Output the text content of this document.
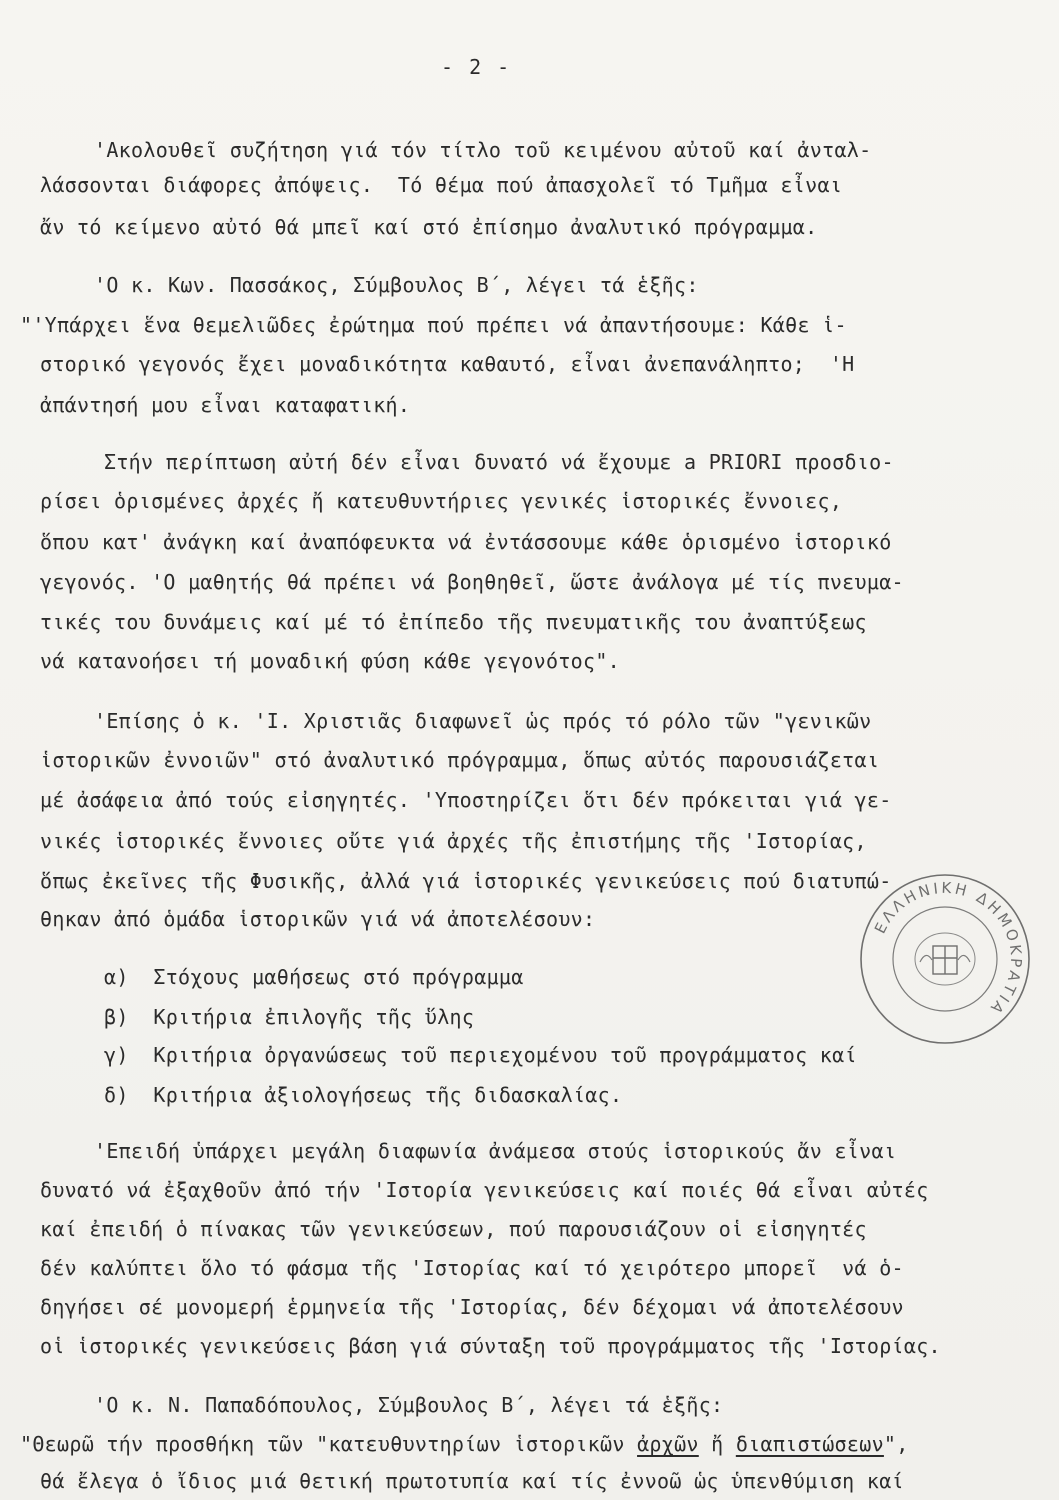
- 2 -
'Ακολουθεῖ συζήτηση γιά τόν τίτλο τοῦ κειμένου αὐτοῦ καί ἀνταλ-
λάσσονται διάφορες ἀπόψεις.  Τό θέμα πού ἀπασχολεῖ τό Τμῆμα εἶναι
ἄν τό κείμενο αὐτό θά μπεῖ καί στό ἐπίσημο ἀναλυτικό πρόγραμμα.
'Ο κ. Κων. Πασσάκος, Σύμβουλος Β΄, λέγει τά ἑξῆς:
"'Υπάρχει ἕνα θεμελιῶδες ἐρώτημα πού πρέπει νά ἀπαντήσουμε: Κάθε ἱ-
στορικό γεγονός ἔχει μοναδικότητα καθαυτό, εἶναι ἀνεπανάληπτο;  'Η
ἀπάντησή μου εἶναι καταφατική.
Στήν περίπτωση αὐτή δέν εἶναι δυνατό νά ἔχουμε a PRIORI προσδιο-
ρίσει ὁρισμένες ἀρχές ἤ κατευθυντήριες γενικές ἱστορικές ἔννοιες,
ὅπου κατ' ἀνάγκη καί ἀναπόφευκτα νά ἐντάσσουμε κάθε ὁρισμένο ἱστορικό
γεγονός. 'Ο μαθητής θά πρέπει νά βοηθηθεῖ, ὥστε ἀνάλογα μέ τίς πνευμα-
τικές του δυνάμεις καί μέ τό ἐπίπεδο τῆς πνευματικῆς του ἀναπτύξεως
νά κατανοήσει τή μοναδική φύση κάθε γεγονότος".
'Επίσης ὁ κ. 'Ι. Χριστιᾶς διαφωνεῖ ὡς πρός τό ρόλο τῶν "γενικῶν
ἱστορικῶν ἐννοιῶν" στό ἀναλυτικό πρόγραμμα, ὅπως αὐτός παρουσιάζεται
μέ ἀσάφεια ἀπό τούς εἰσηγητές. 'Υποστηρίζει ὅτι δέν πρόκειται γιά γε-
νικές ἱστορικές ἔννοιες οὔτε γιά ἀρχές τῆς ἐπιστήμης τῆς 'Ιστορίας,
ὅπως ἐκεῖνες τῆς Φυσικῆς, ἀλλά γιά ἱστορικές γενικεύσεις πού διατυπώ-
θηκαν ἀπό ὁμάδα ἱστορικῶν γιά νά ἀποτελέσουν:
α)  Στόχους μαθήσεως στό πρόγραμμα
β)  Κριτήρια ἐπιλογῆς τῆς ὕλης
γ)  Κριτήρια ὀργανώσεως τοῦ περιεχομένου τοῦ προγράμματος καί
δ)  Κριτήρια ἀξιολογήσεως τῆς διδασκαλίας.
'Επειδή ὑπάρχει μεγάλη διαφωνία ἀνάμεσα στούς ἱστορικούς ἄν εἶναι
δυνατό νά ἐξαχθοῦν ἀπό τήν 'Ιστορία γενικεύσεις καί ποιές θά εἶναι αὐτές
καί ἐπειδή ὁ πίνακας τῶν γενικεύσεων, πού παρουσιάζουν οἱ εἰσηγητές
δέν καλύπτει ὅλο τό φάσμα τῆς 'Ιστορίας καί τό χειρότερο μπορεῖ  νά ὁ-
δηγήσει σέ μονομερή ἑρμηνεία τῆς 'Ιστορίας, δέν δέχομαι νά ἀποτελέσουν
οἱ ἱστορικές γενικεύσεις βάση γιά σύνταξη τοῦ προγράμματος τῆς 'Ιστορίας.
'Ο κ. Ν. Παπαδόπουλος, Σύμβουλος Β΄, λέγει τά ἑξῆς:
"Θεωρῶ τήν προσθήκη τῶν "κατευθυντηρίων ἱστορικῶν ἀρχῶν ἤ διαπιστώσεων",
θά ἔλεγα ὁ ἴδιος μιά θετική πρωτοτυπία καί τίς ἐννοῶ ὡς ὑπενθύμιση καί
ΕΛΛΗΝΙΚΗ ΔΗΜΟΚΡΑΤΙΑ
